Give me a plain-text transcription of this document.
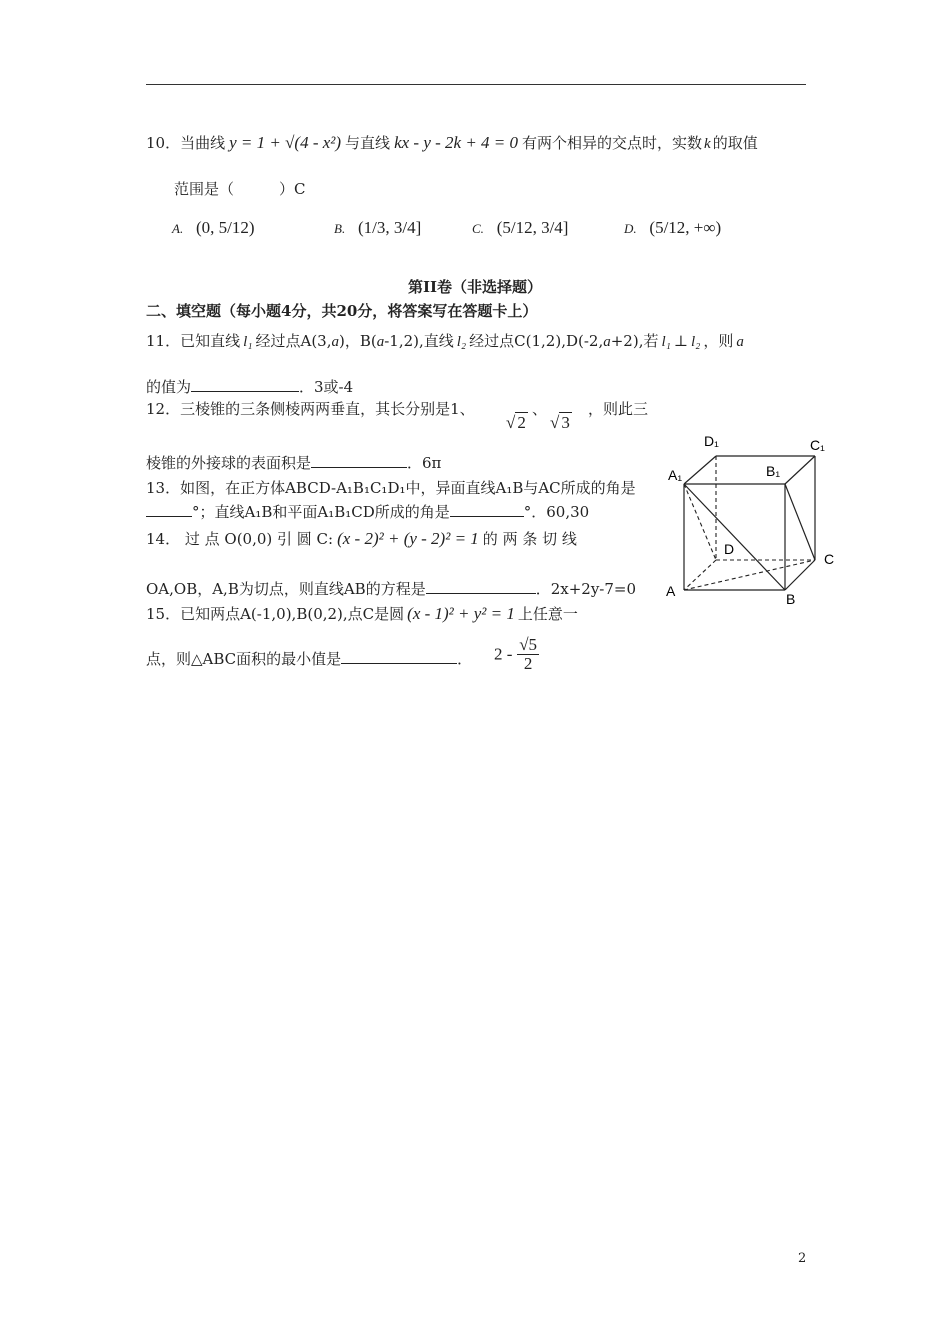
10．当曲线 y = 1 + √(4 - x²) 与直线 kx - y - 2k + 4 = 0 有两个相异的交点时，实数 k 的取值
范围是（　　　）C
A. (0, 5/12)	B. (1/3, 3/4]	C. (5/12, 3/4]	D. (5/12, +∞)
第II卷（非选择题）
二、填空题（每小题4分，共20分，将答案写在答题卡上）
11．已知直线 l₁ 经过点A(3,a)，B(a-1,2),直线 l₂ 经过点C(1,2),D(-2,a+2),若 l₁ ⊥ l₂ ，则 a
的值为	．3或-4
12．三棱锥的三条侧棱两两垂直，其长分别是1、
√ 2
、
√ 3
，则此三
棱锥的外接球的表面积是	．6π
13．如图，在正方体ABCD-A₁B₁C₁D₁中，异面直线A₁B与AC所成的角是
°；直线A₁B和平面A₁B₁CD所成的角是	°．60,30
14． 过 点 O(0,0) 引 圆 C: (x - 2)² + (y - 2)² = 1 的 两 条 切 线
OA,OB，A,B为切点，则直线AB的方程是	．2x+2y-7=0
15．已知两点A(-1,0),B(0,2),点C是圆 (x - 1)² + y² = 1 上任意一
点，则△ABC面积的最小值是	． $2 - \frac{√5}{2}$
D₁	C₁
A₁	B₁
D
C
A	B
2
